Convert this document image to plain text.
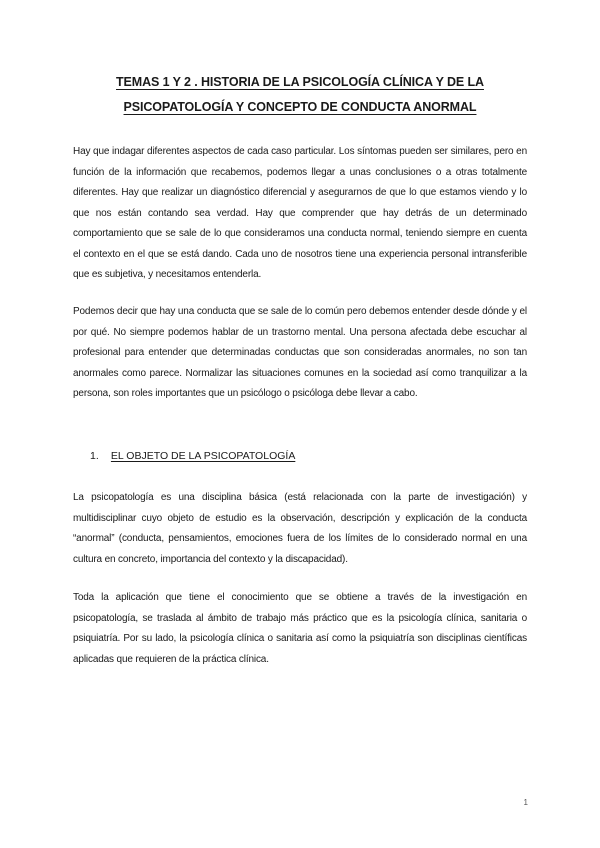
TEMAS 1 Y 2 . HISTORIA DE LA PSICOLOGÍA CLÍNICA Y DE LA
PSICOPATOLOGÍA Y CONCEPTO DE CONDUCTA ANORMAL

Hay que indagar diferentes aspectos de cada caso particular. Los síntomas pueden ser similares, pero en función de la información que recabemos, podemos llegar a unas conclusiones o a otras totalmente diferentes. Hay que realizar un diagnóstico diferencial y asegurarnos de que lo que estamos viendo y lo que nos están contando sea verdad. Hay que comprender que hay detrás de un determinado comportamiento que se sale de lo que consideramos una conducta normal, teniendo siempre en cuenta el contexto en el que se está dando. Cada uno de nosotros tiene una experiencia personal intransferible que es subjetiva, y necesitamos entenderla.

Podemos decir que hay una conducta que se sale de lo común pero debemos entender desde dónde y el por qué. No siempre podemos hablar de un trastorno mental. Una persona afectada debe escuchar al profesional para entender que determinadas conductas que son consideradas anormales, no son tan anormales como parece. Normalizar las situaciones comunes en la sociedad así como tranquilizar a la persona, son roles importantes que un psicólogo o psicóloga debe llevar a cabo.

1. EL OBJETO DE LA PSICOPATOLOGÍA

La psicopatología es una disciplina básica (está relacionada con la parte de investigación) y multidisciplinar cuyo objeto de estudio es la observación, descripción y explicación de la conducta “anormal” (conducta, pensamientos, emociones fuera de los límites de lo considerado normal en una cultura en concreto, importancia del contexto y la discapacidad).

Toda la aplicación que tiene el conocimiento que se obtiene a través de la investigación en psicopatología, se traslada al ámbito de trabajo más práctico que es la psicología clínica, sanitaria o psiquiatría. Por su lado, la psicología clínica o sanitaria así como la psiquiatría son disciplinas científicas aplicadas que requieren de la práctica clínica.

1
